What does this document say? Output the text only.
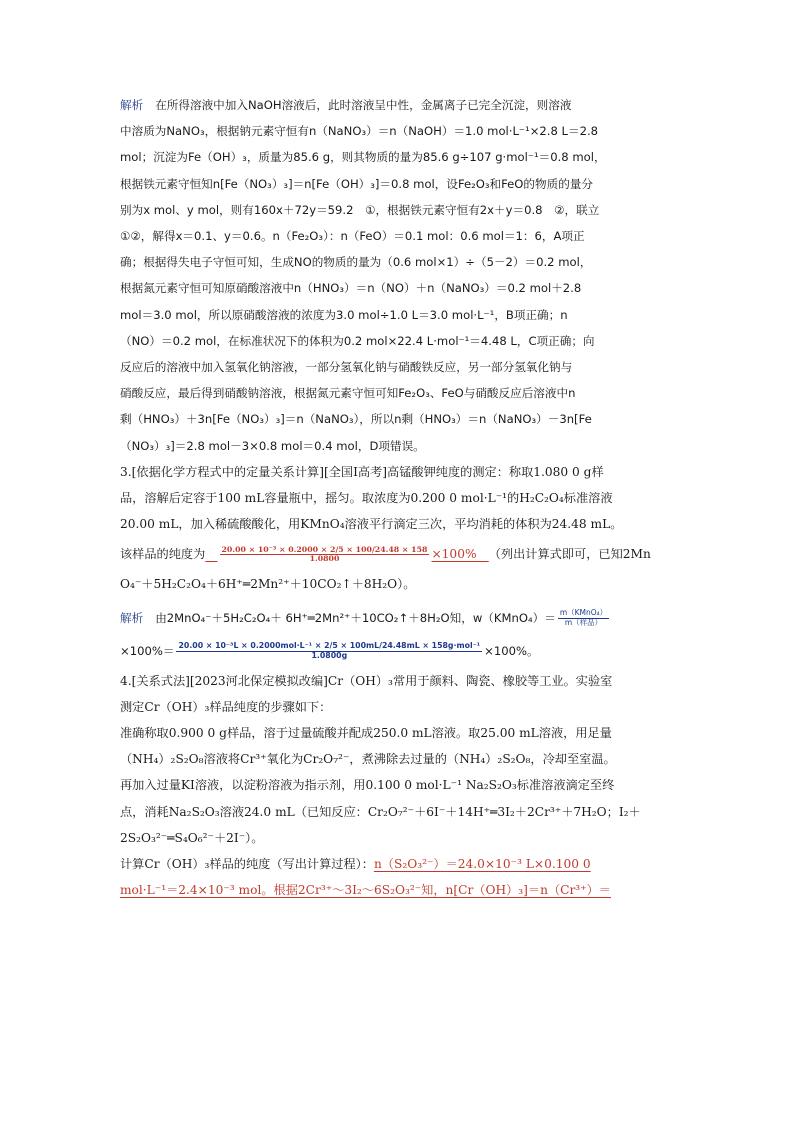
解析 在所得溶液中加入NaOH溶液后，此时溶液呈中性，金属离子已完全沉淀，则溶液

中溶质为NaNO₃，根据钠元素守恒有n（NaNO₃）＝n（NaOH）＝1.0 mol·L⁻¹×2.8 L＝2.8

mol；沉淀为Fe（OH）₃，质量为85.6 g，则其物质的量为85.6 g÷107 g·mol⁻¹＝0.8 mol，

根据铁元素守恒知n[Fe（NO₃）₃]＝n[Fe（OH）₃]＝0.8 mol，设Fe₂O₃和FeO的物质的量分

别为x mol、y mol，则有160x＋72y＝59.2　①，根据铁元素守恒有2x＋y＝0.8　②，联立

①②，解得x＝0.1、y＝0.6。n（Fe₂O₃）：n（FeO）＝0.1 mol：0.6 mol＝1：6，A项正

确；根据得失电子守恒可知，生成NO的物质的量为（0.6 mol×1）÷（5－2）＝0.2 mol，

根据氮元素守恒可知原硝酸溶液中n（HNO₃）＝n（NO）＋n（NaNO₃）＝0.2 mol＋2.8

mol＝3.0 mol，所以原硝酸溶液的浓度为3.0 mol÷1.0 L＝3.0 mol·L⁻¹，B项正确；n

（NO）＝0.2 mol，在标准状况下的体积为0.2 mol×22.4 L·mol⁻¹＝4.48 L，C项正确；向

反应后的溶液中加入氢氧化钠溶液，一部分氢氧化钠与硝酸铁反应，另一部分氢氧化钠与

硝酸反应，最后得到硝酸钠溶液，根据氮元素守恒可知Fe₂O₃、FeO与硝酸反应后溶液中n

剩（HNO₃）＋3n[Fe（NO₃）₃]＝n（NaNO₃），所以n剩（HNO₃）＝n（NaNO₃）－3n[Fe

（NO₃）₃]＝2.8 mol－3×0.8 mol＝0.4 mol，D项错误。

3.[依据化学方程式中的定量关系计算][全国Ⅰ高考]高锰酸钾纯度的测定：称取1.080 0 g样

品，溶解后定容于100 mL容量瓶中，摇匀。取浓度为0.200 0 mol·L⁻¹的H₂C₂O₄标准溶液

20.00 mL，加入稀硫酸酸化，用KMnO₄溶液平行滴定三次，平均消耗的体积为24.48 mL。

该样品的纯度为  $\frac{\text{20.00 × 10⁻³ × 0.2000 × 2/5 × 100/24.48 × 158}}{1.0800} \times 100\%$  （列出计算式即可，已知2Mn

O₄⁻＋5H₂C₂O₄＋6H⁺═2Mn²⁺＋10CO₂↑＋8H₂O）。

解析 由2MnO₄⁻＋5H₂C₂O₄＋ 6H⁺═2Mn²⁺＋10CO₂↑＋8H₂O知，w（KMnO₄）＝ $\frac{\text{m（KMnO₄）}}{\text{m（样品）}}$

×100%＝ 20.00 × 10⁻³L × 0.2000mol·L⁻¹ × 2/5 × 100mL/24.48mL × 158g·mol⁻¹
1.0800g	×100%。

4.[关系式法][2023河北保定模拟改编]Cr（OH）₃常用于颜料、陶瓷、橡胶等工业。实验室

测定Cr（OH）₃样品纯度的步骤如下：

准确称取0.900 0 g样品，溶于过量硫酸并配成250.0 mL溶液。取25.00 mL溶液，用足量

（NH₄）₂S₂O₈溶液将Cr³⁺氧化为Cr₂O₇²⁻，煮沸除去过量的（NH₄）₂S₂O₈，冷却至室温。

再加入过量KI溶液，以淀粉溶液为指示剂，用0.100 0 mol·L⁻¹ Na₂S₂O₃标准溶液滴定至终

点，消耗Na₂S₂O₃溶液24.0 mL（已知反应：Cr₂O₇²⁻＋6I⁻＋14H⁺═3I₂＋2Cr³⁺＋7H₂O；I₂＋

2S₂O₃²⁻═S₄O₆²⁻＋2I⁻）。

计算Cr（OH）₃样品的纯度（写出计算过程）：n（S₂O₃²⁻）＝24.0×10⁻³ L×0.100 0

mol·L⁻¹＝2.4×10⁻³ mol。根据2Cr³⁺～3I₂～6S₂O₃²⁻知，n[Cr（OH）₃]＝n（Cr³⁺）＝
